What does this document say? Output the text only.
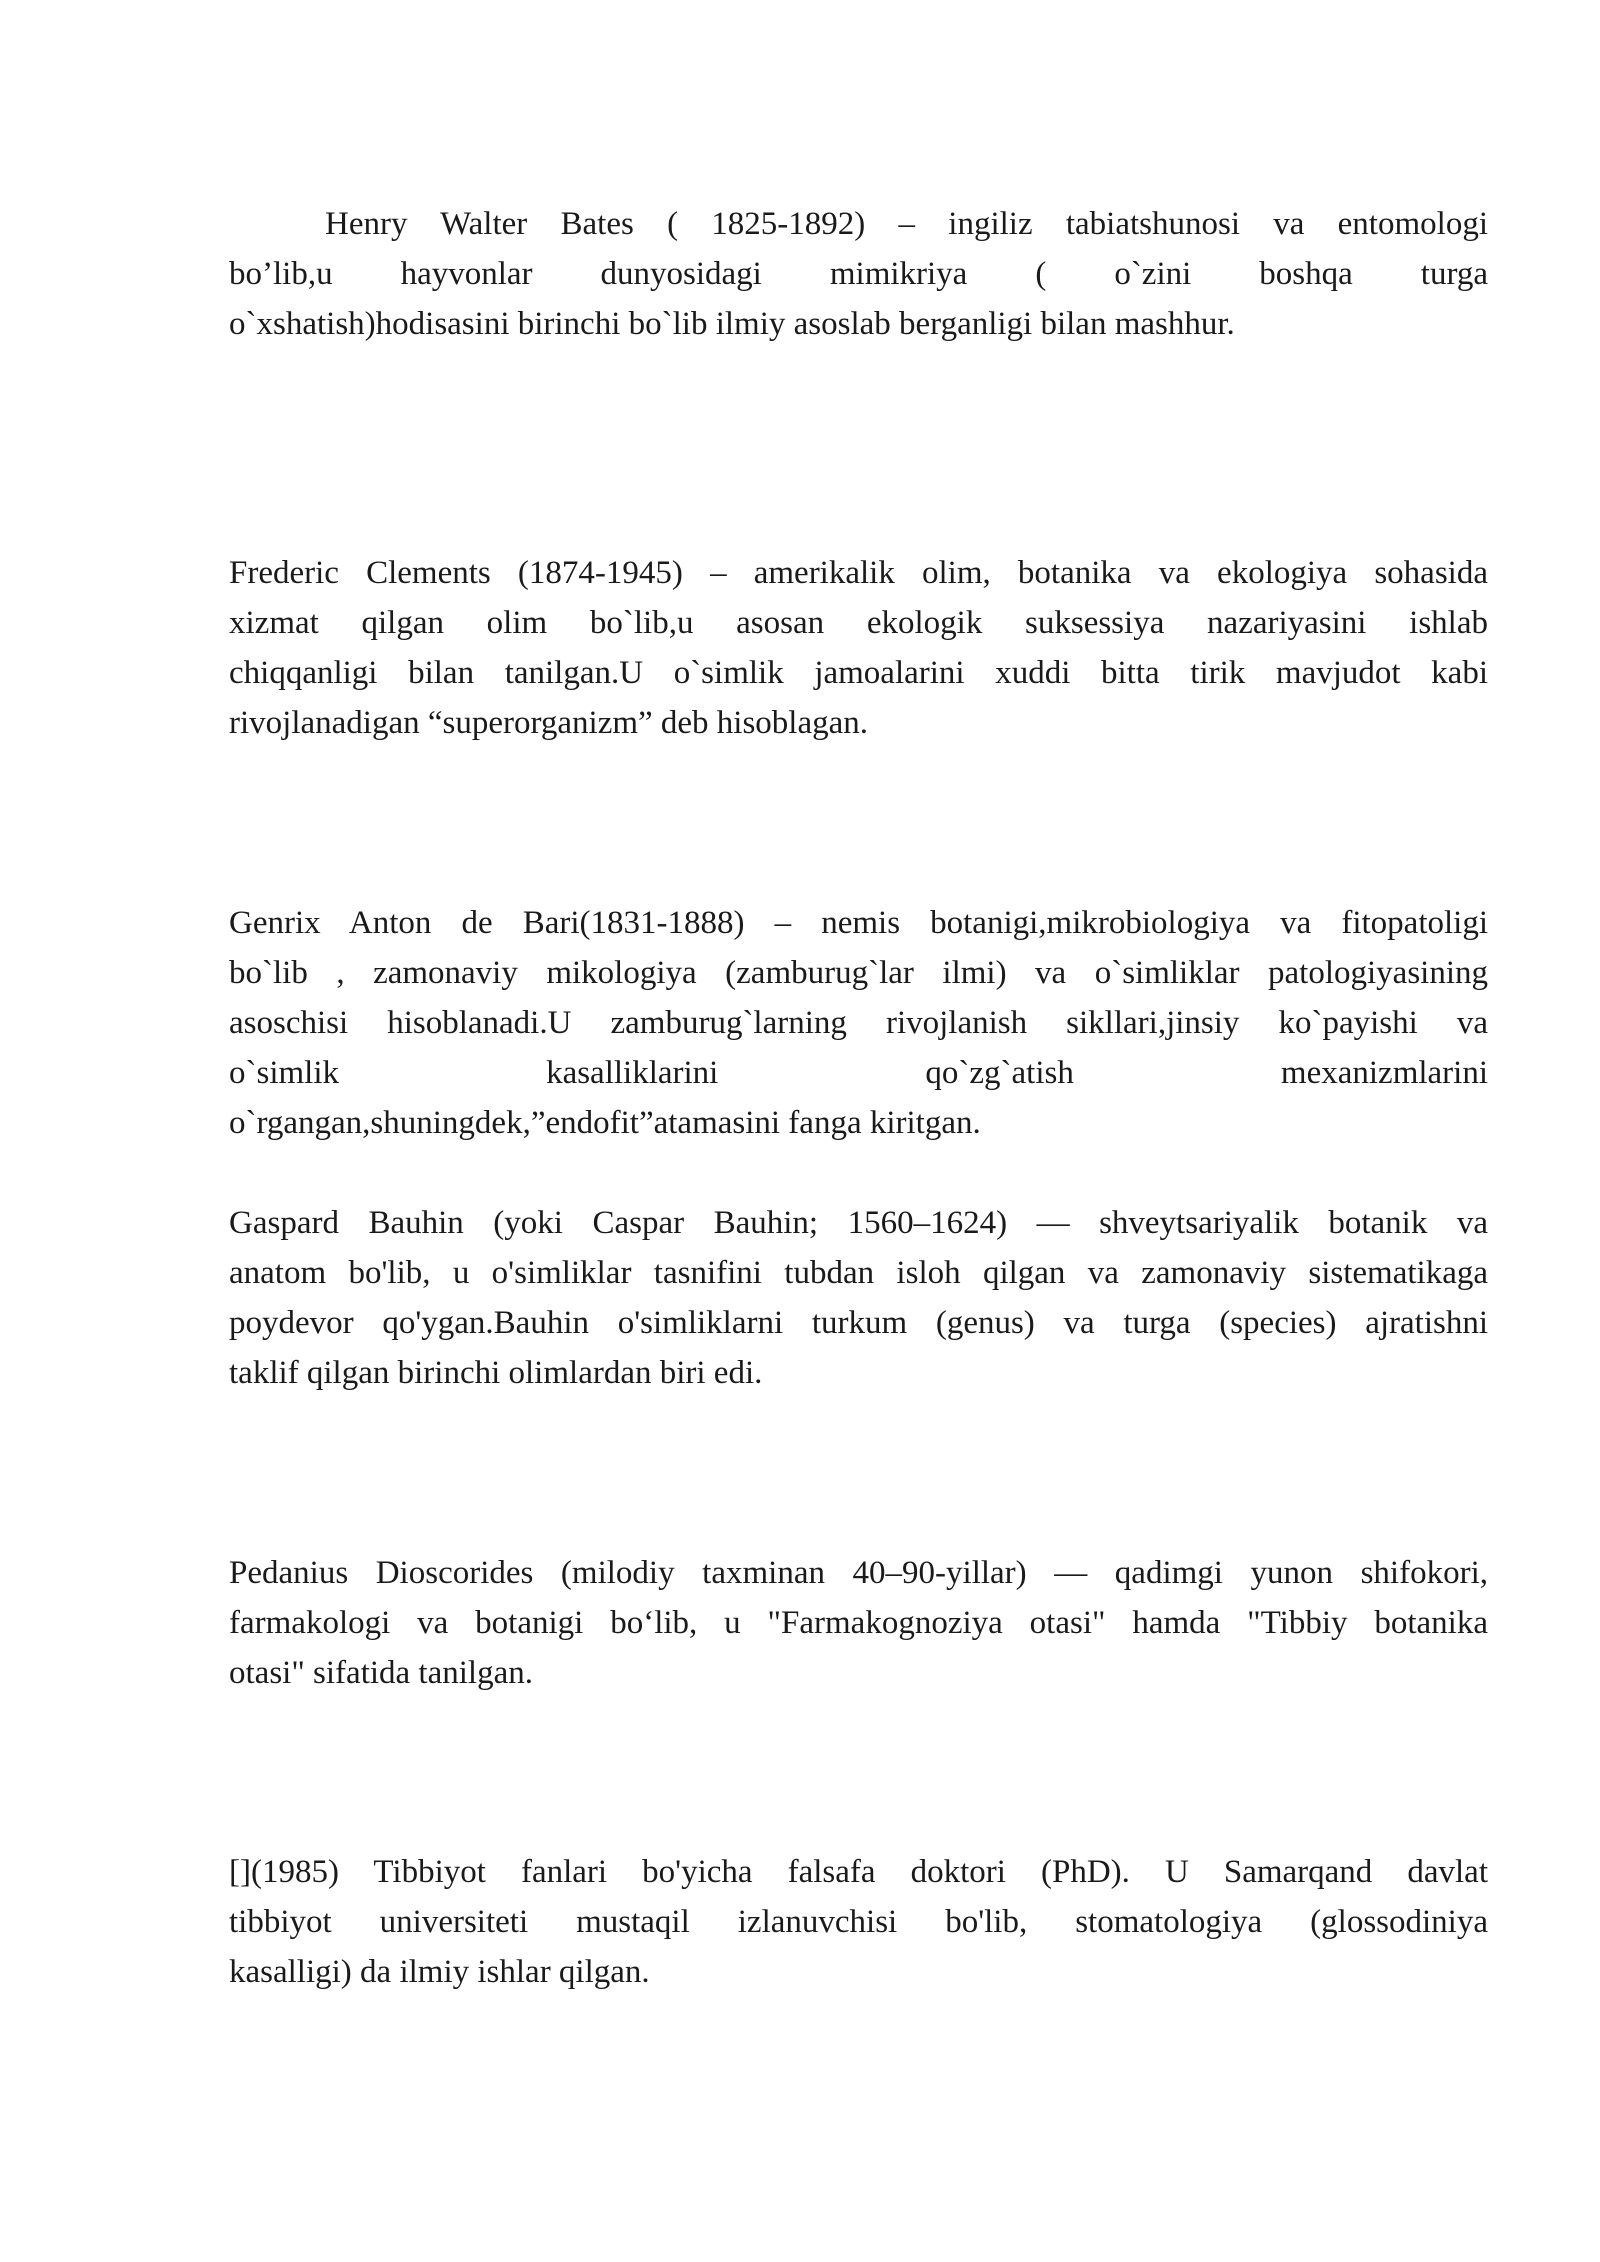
Henry Walter Bates ( 1825-1892) – ingiliz tabiatshunosi va entomologi
bo’lib,u hayvonlar dunyosidagi mimikriya ( o`zini boshqa turga
o`xshatish)hodisasini birinchi bo`lib ilmiy asoslab berganligi bilan mashhur.
Frederic Clements (1874-1945) – amerikalik olim, botanika va ekologiya sohasida
xizmat qilgan olim bo`lib,u asosan ekologik suksessiya nazariyasini ishlab
chiqqanligi bilan tanilgan.U o`simlik jamoalarini xuddi bitta tirik mavjudot kabi
rivojlanadigan “superorganizm” deb hisoblagan.
Genrix Anton de Bari(1831-1888) – nemis botanigi,mikrobiologiya va fitopatoligi
bo`lib , zamonaviy mikologiya (zamburug`lar ilmi) va o`simliklar patologiyasining
asoschisi hisoblanadi.U zamburug`larning rivojlanish sikllari,jinsiy ko`payishi va
o`simlik kasalliklarini qo`zg`atish mexanizmlarini
o`rgangan,shuningdek,”endofit”atamasini fanga kiritgan.
Gaspard Bauhin (yoki Caspar Bauhin; 1560–1624) — shveytsariyalik botanik va
anatom bo'lib, u o'simliklar tasnifini tubdan isloh qilgan va zamonaviy sistematikaga
poydevor qo'ygan.Bauhin o'simliklarni turkum (genus) va turga (species) ajratishni
taklif qilgan birinchi olimlardan biri edi.
Pedanius Dioscorides (milodiy taxminan 40–90-yillar) — qadimgi yunon shifokori,
farmakologi va botanigi bo‘lib, u "Farmakognoziya otasi" hamda "Tibbiy botanika
otasi" sifatida tanilgan.
[](1985) Tibbiyot fanlari bo'yicha falsafa doktori (PhD). U Samarqand davlat
tibbiyot universiteti mustaqil izlanuvchisi bo'lib, stomatologiya (glossodiniya
kasalligi) da ilmiy ishlar qilgan.
